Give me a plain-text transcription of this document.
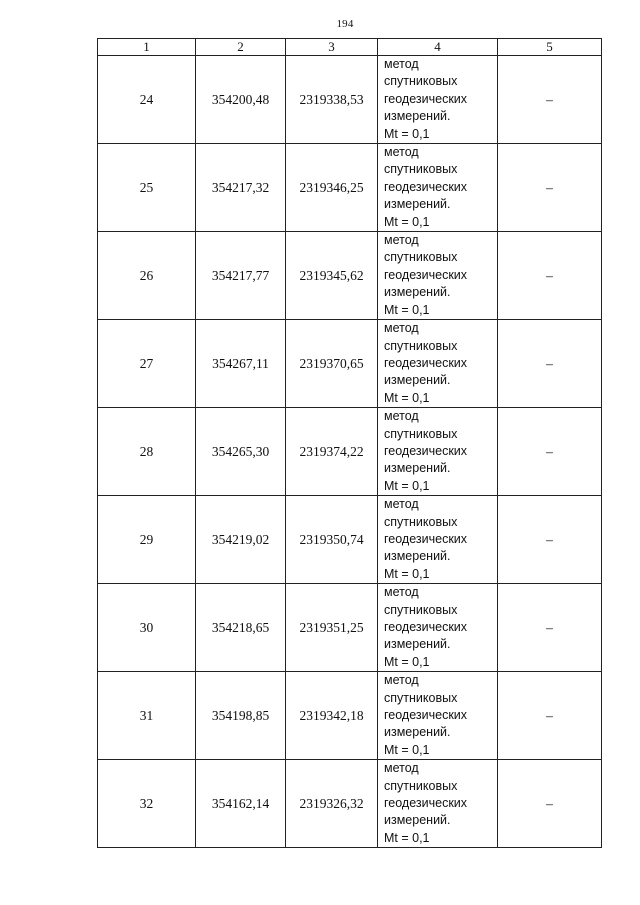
194
1	2	3	4	5
24	354200,48	2319338,53	метод
спутниковых
геодезических
измерений.
Mt = 0,1	–
25	354217,32	2319346,25	метод
спутниковых
геодезических
измерений.
Mt = 0,1	–
26	354217,77	2319345,62	метод
спутниковых
геодезических
измерений.
Mt = 0,1	–
27	354267,11	2319370,65	метод
спутниковых
геодезических
измерений.
Mt = 0,1	–
28	354265,30	2319374,22	метод
спутниковых
геодезических
измерений.
Mt = 0,1	–
29	354219,02	2319350,74	метод
спутниковых
геодезических
измерений.
Mt = 0,1	–
30	354218,65	2319351,25	метод
спутниковых
геодезических
измерений.
Mt = 0,1	–
31	354198,85	2319342,18	метод
спутниковых
геодезических
измерений.
Mt = 0,1	–
32	354162,14	2319326,32	метод
спутниковых
геодезических
измерений.
Mt = 0,1	–
